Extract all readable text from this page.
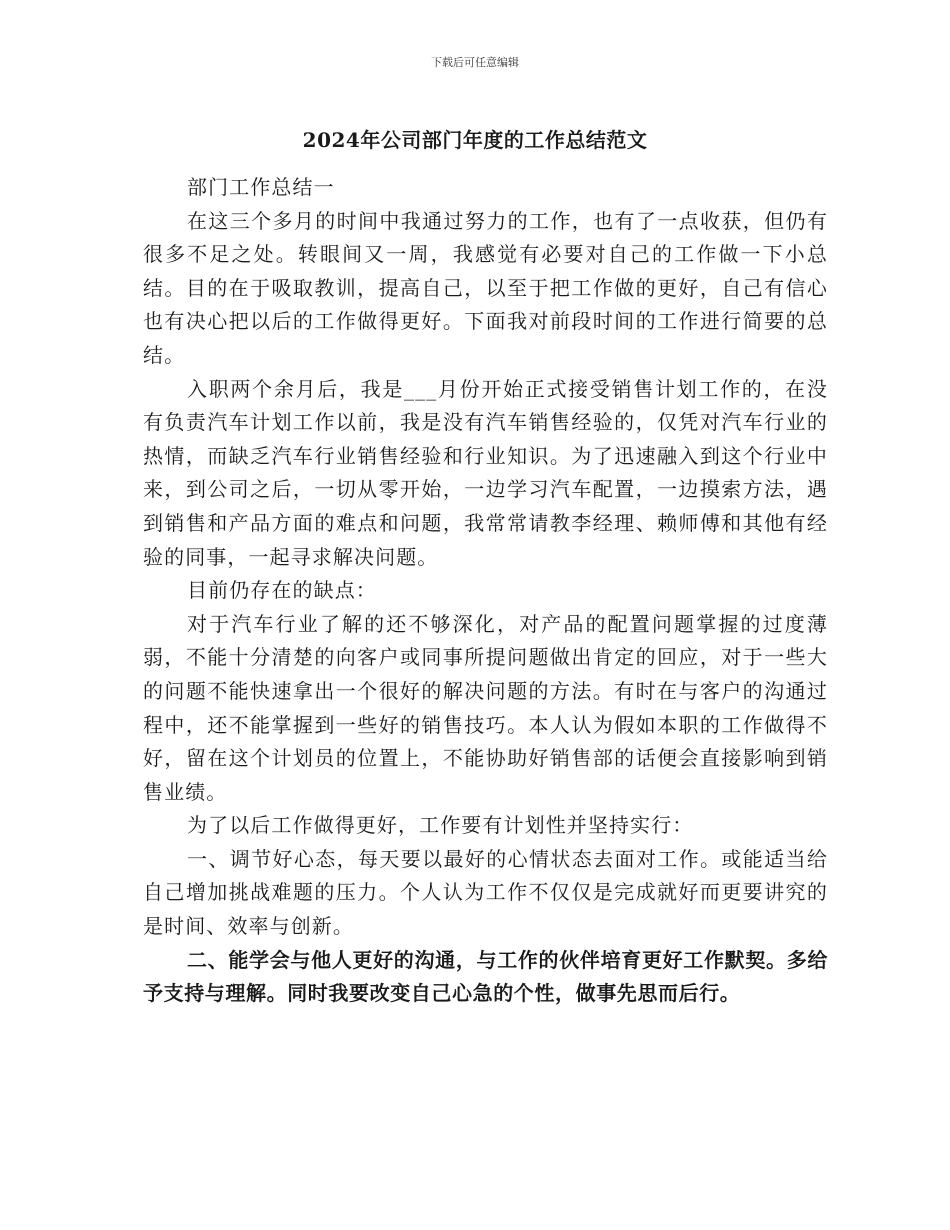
下载后可任意编辑
2024年公司部门年度的工作总结范文

部门工作总结一

在这三个多月的时间中我通过努力的工作，也有了一点收获，但仍有很多不足之处。转眼间又一周，我感觉有必要对自己的工作做一下小总结。目的在于吸取教训，提高自己，以至于把工作做的更好，自己有信心也有决心把以后的工作做得更好。下面我对前段时间的工作进行简要的总结。

入职两个余月后，我是___月份开始正式接受销售计划工作的，在没有负责汽车计划工作以前，我是没有汽车销售经验的，仅凭对汽车行业的热情，而缺乏汽车行业销售经验和行业知识。为了迅速融入到这个行业中来，到公司之后，一切从零开始，一边学习汽车配置，一边摸索方法，遇到销售和产品方面的难点和问题，我常常请教李经理、赖师傅和其他有经验的同事，一起寻求解决问题。

目前仍存在的缺点：

对于汽车行业了解的还不够深化，对产品的配置问题掌握的过度薄弱，不能十分清楚的向客户或同事所提问题做出肯定的回应，对于一些大的问题不能快速拿出一个很好的解决问题的方法。有时在与客户的沟通过程中，还不能掌握到一些好的销售技巧。本人认为假如本职的工作做得不好，留在这个计划员的位置上，不能协助好销售部的话便会直接影响到销售业绩。

为了以后工作做得更好，工作要有计划性并坚持实行：

一、调节好心态，每天要以最好的心情状态去面对工作。或能适当给自己增加挑战难题的压力。个人认为工作不仅仅是完成就好而更要讲究的是时间、效率与创新。

二、能学会与他人更好的沟通，与工作的伙伴培育更好工作默契。多给予支持与理解。同时我要改变自己心急的个性，做事先思而后行。
